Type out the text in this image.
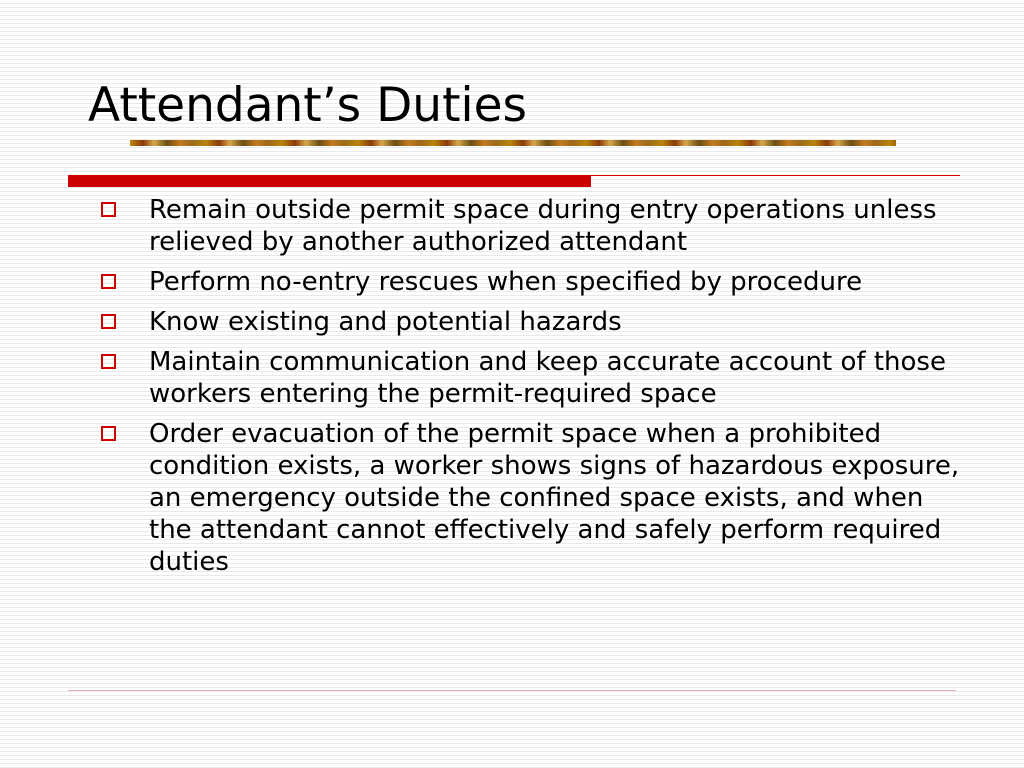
Attendant’s Duties
Remain outside permit space during entry operations unless relieved by another authorized attendant
Perform no-entry rescues when specified by procedure
Know existing and potential hazards
Maintain communication and keep accurate account of those workers entering the permit-required space
Order evacuation of the permit space when a prohibited condition exists, a worker shows signs of hazardous exposure, an emergency outside the confined space exists, and when the attendant cannot effectively and safely perform required duties
